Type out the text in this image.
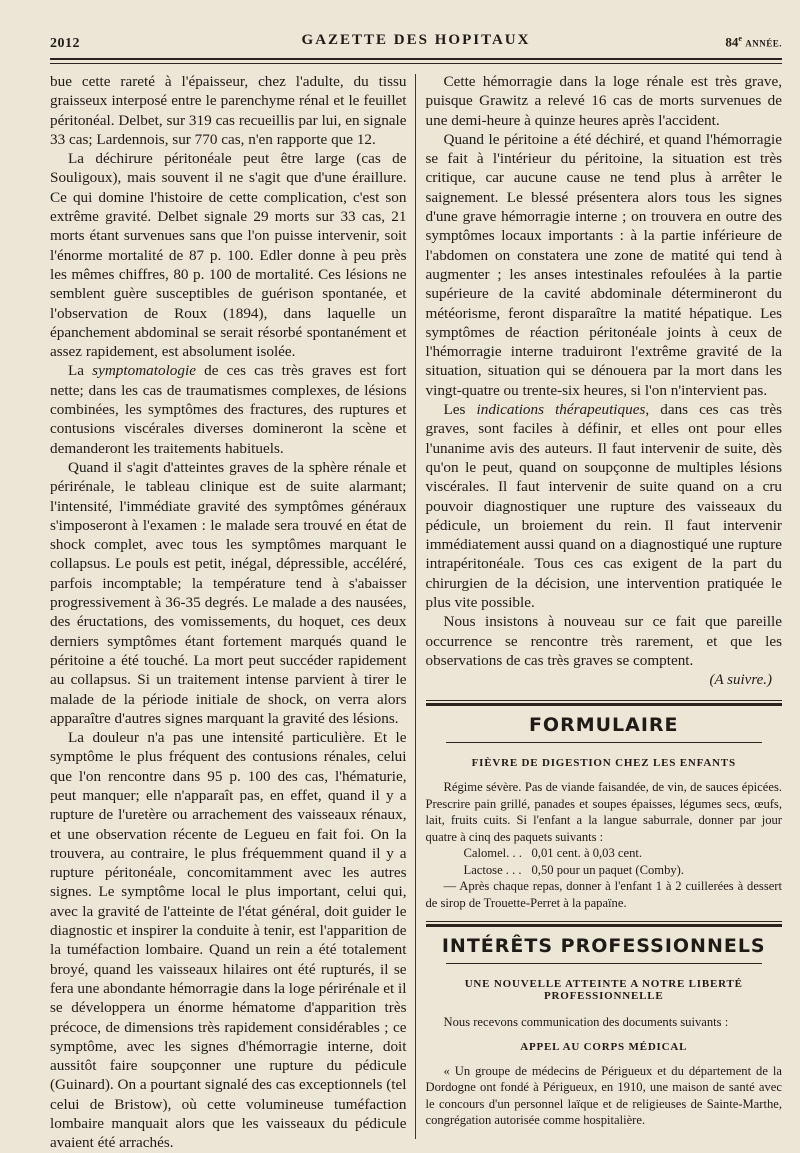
2012	GAZETTE DES HOPITAUX	84e ANNÉE.

bue cette rareté à l'épaisseur, chez l'adulte, du tissu graisseux interposé entre le parenchyme rénal et le feuillet péritonéal. Delbet, sur 319 cas recueillis par lui, en signale 33 cas; Lardennois, sur 770 cas, n'en rapporte que 12.

La déchirure péritonéale peut être large (cas de Souligoux), mais souvent il ne s'agit que d'une éraillure. Ce qui domine l'histoire de cette complication, c'est son extrême gravité. Delbet signale 29 morts sur 33 cas, 21 morts étant survenues sans que l'on puisse intervenir, soit l'énorme mortalité de 87 p. 100. Edler donne à peu près les mêmes chiffres, 80 p. 100 de mortalité. Ces lésions ne semblent guère susceptibles de guérison spontanée, et l'observation de Roux (1894), dans laquelle un épanchement abdominal se serait résorbé spontanément et assez rapidement, est absolument isolée.

La symptomatologie de ces cas très graves est fort nette; dans les cas de traumatismes complexes, de lésions combinées, les symptômes des fractures, des ruptures et contusions viscérales diverses domineront la scène et demanderont les traitements habituels.

Quand il s'agit d'atteintes graves de la sphère rénale et périrénale, le tableau clinique est de suite alarmant; l'intensité, l'immédiate gravité des symptômes généraux s'imposeront à l'examen : le malade sera trouvé en état de shock complet, avec tous les symptômes marquant le collapsus. Le pouls est petit, inégal, dépressible, accéléré, parfois incomptable; la température tend à s'abaisser progressivement à 36-35 degrés. Le malade a des nausées, des éructations, des vomissements, du hoquet, ces deux derniers symptômes étant fortement marqués quand le péritoine a été touché. La mort peut succéder rapidement au collapsus. Si un traitement intense parvient à tirer le malade de la période initiale de shock, on verra alors apparaître d'autres signes marquant la gravité des lésions.

La douleur n'a pas une intensité particulière. Et le symptôme le plus fréquent des contusions rénales, celui que l'on rencontre dans 95 p. 100 des cas, l'hématurie, peut manquer; elle n'apparaît pas, en effet, quand il y a rupture de l'uretère ou arrachement des vaisseaux rénaux, et une observation récente de Legueu en fait foi. On la trouvera, au contraire, le plus fréquemment quand il y a rupture péritonéale, concomitamment avec les autres signes. Le symptôme local le plus important, celui qui, avec la gravité de l'atteinte de l'état général, doit guider le diagnostic et inspirer la conduite à tenir, est l'apparition de la tuméfaction lombaire. Quand un rein a été totalement broyé, quand les vaisseaux hilaires ont été rupturés, il se fera une abondante hémorragie dans la loge périrénale et il se développera un énorme hématome d'apparition très précoce, de dimensions très rapidement considérables ; ce symptôme, avec les signes d'hémorragie interne, doit aussitôt faire soupçonner une rupture du pédicule (Guinard). On a pourtant signalé des cas exceptionnels (tel celui de Bristow), où cette volumineuse tuméfaction lombaire manquait alors que les vaisseaux du pédicule avaient été arrachés.

Cette hémorragie dans la loge rénale est très grave, puisque Grawitz a relevé 16 cas de morts survenues de une demi-heure à quinze heures après l'accident.

Quand le péritoine a été déchiré, et quand l'hémorragie se fait à l'intérieur du péritoine, la situation est très critique, car aucune cause ne tend plus à arrêter le saignement. Le blessé présentera alors tous les signes d'une grave hémorragie interne ; on trouvera en outre des symptômes locaux importants : à la partie inférieure de l'abdomen on constatera une zone de matité qui tend à augmenter ; les anses intestinales refoulées à la partie supérieure de la cavité abdominale détermineront du météorisme, feront disparaître la matité hépatique. Les symptômes de réaction péritonéale joints à ceux de l'hémorragie interne traduiront l'extrême gravité de la situation, situation qui se dénouera par la mort dans les vingt-quatre ou trente-six heures, si l'on n'intervient pas.

Les indications thérapeutiques, dans ces cas très graves, sont faciles à définir, et elles ont pour elles l'unanime avis des auteurs. Il faut intervenir de suite, dès qu'on le peut, quand on soupçonne de multiples lésions viscérales. Il faut intervenir de suite quand on a cru pouvoir diagnostiquer une rupture des vaisseaux du pédicule, un broiement du rein. Il faut intervenir immédiatement aussi quand on a diagnostiqué une rupture intrapéritonéale. Tous ces cas exigent de la part du chirurgien de la décision, une intervention pratiquée le plus vite possible.

Nous insistons à nouveau sur ce fait que pareille occurrence se rencontre très rarement, et que les observations de cas très graves se comptent.

(A suivre.)
FORMULAIRE
FIÈVRE DE DIGESTION CHEZ LES ENFANTS

Régime sévère. Pas de viande faisandée, de vin, de sauces épicées. Prescrire pain grillé, panades et soupes épaisses, légumes secs, œufs, lait, fruits cuits. Si l'enfant a la langue saburrale, donner par jour quatre à cinq des paquets suivants :

Calomel. . . 0,01 cent. à 0,03 cent.
Lactose . . . 0,50 pour un paquet (Comby).

— Après chaque repas, donner à l'enfant 1 à 2 cuillerées à dessert de sirop de Trouette-Perret à la papaïne.

INTÉRÊTS PROFESSIONNELS
UNE NOUVELLE ATTEINTE A NOTRE LIBERTÉ
PROFESSIONNELLE

Nous recevons communication des documents suivants :

APPEL AU CORPS MÉDICAL

« Un groupe de médecins de Périgueux et du département de la Dordogne ont fondé à Périgueux, en 1910, une maison de santé avec le concours d'un personnel laïque et de religieuses de Sainte-Marthe, congrégation autorisée comme hospitalière.
